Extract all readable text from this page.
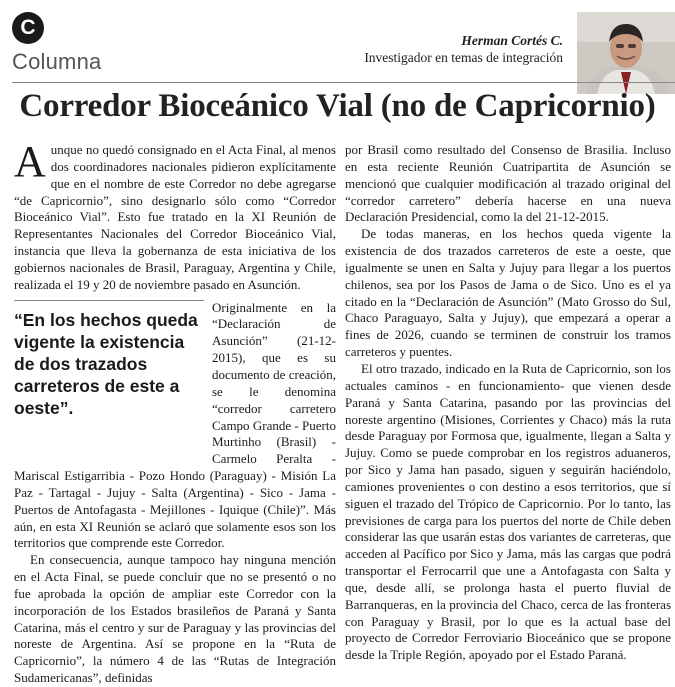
C
Columna
Herman Cortés C.
Investigador en temas de integración
Corredor Bioceánico Vial (no de Capricornio)

Aunque no quedó consignado en el Acta Final, al menos dos coordinadores nacionales pidieron explícitamente que en el nombre de este Corredor no debe agregarse “de Capricornio”, sino designarlo sólo como “Corredor Bioceánico Vial”. Esto fue tratado en la XI Reunión de Representantes Nacionales del Corredor Bioceánico Vial, instancia que lleva la gobernanza de esta iniciativa de los gobiernos nacionales de Brasil, Paraguay, Argentina y Chile, realizada el 19 y 20 de noviembre pasado en Asunción.

“En los hechos queda vigente la existencia de dos trazados carreteros de este a oeste”.

Originalmente en la “Declaración de Asunción” (21-12-2015), que es su documento de creación, se le denomina “corredor carretero Campo Grande - Puerto Murtinho (Brasil) - Carmelo Peralta - Mariscal Estigarribia - Pozo Hondo (Paraguay) - Misión La Paz - Tartagal - Jujuy - Salta (Argentina) - Sico - Jama - Puertos de Antofagasta - Mejillones - Iquique (Chile)”. Más aún, en esta XI Reunión se aclaró que solamente esos son los territorios que comprende este Corredor.

En consecuencia, aunque tampoco hay ninguna mención en el Acta Final, se puede concluir que no se presentó o no fue aprobada la opción de ampliar este Corredor con la incorporación de los Estados brasileños de Paraná y Santa Catarina, más el centro y sur de Paraguay y las provincias del noreste de Argentina. Así se propone en la “Ruta de Capricornio”, la número 4 de las “Rutas de Integración Sudamericanas”, definidas

por Brasil como resultado del Consenso de Brasilia. Incluso en esta reciente Reunión Cuatripartita de Asunción se mencionó que cualquier modificación al trazado original del “corredor carretero” debería hacerse en una nueva Declaración Presidencial, como la del 21-12-2015.

De todas maneras, en los hechos queda vigente la existencia de dos trazados carreteros de este a oeste, que igualmente se unen en Salta y Jujuy para llegar a los puertos chilenos, sea por los Pasos de Jama o de Sico. Uno es el ya citado en la “Declaración de Asunción” (Mato Grosso do Sul, Chaco Paraguayo, Salta y Jujuy), que empezará a operar a fines de 2026, cuando se terminen de construir los tramos carreteros y puentes.

El otro trazado, indicado en la Ruta de Capricornio, son los actuales caminos - en funcionamiento- que vienen desde Paraná y Santa Catarina, pasando por las provincias del noreste argentino (Misiones, Corrientes y Chaco) más la ruta desde Paraguay por Formosa que, igualmente, llegan a Salta y Jujuy. Como se puede comprobar en los registros aduaneros, por Sico y Jama han pasado, siguen y seguirán haciéndolo, camiones provenientes o con destino a esos territorios, que sí siguen el trazado del Trópico de Capricornio. Por lo tanto, las previsiones de carga para los puertos del norte de Chile deben considerar las que usarán estas dos variantes de carreteras, que acceden al Pacífico por Sico y Jama, más las cargas que podrá transportar el Ferrocarril que une a Antofagasta con Salta y que, desde allí, se prolonga hasta el puerto fluvial de Barranqueras, en la provincia del Chaco, cerca de las fronteras con Paraguay y Brasil, por lo que es la actual base del proyecto de Corredor Ferroviario Bioceánico que se propone desde la Triple Región, apoyado por el Estado Paraná.
